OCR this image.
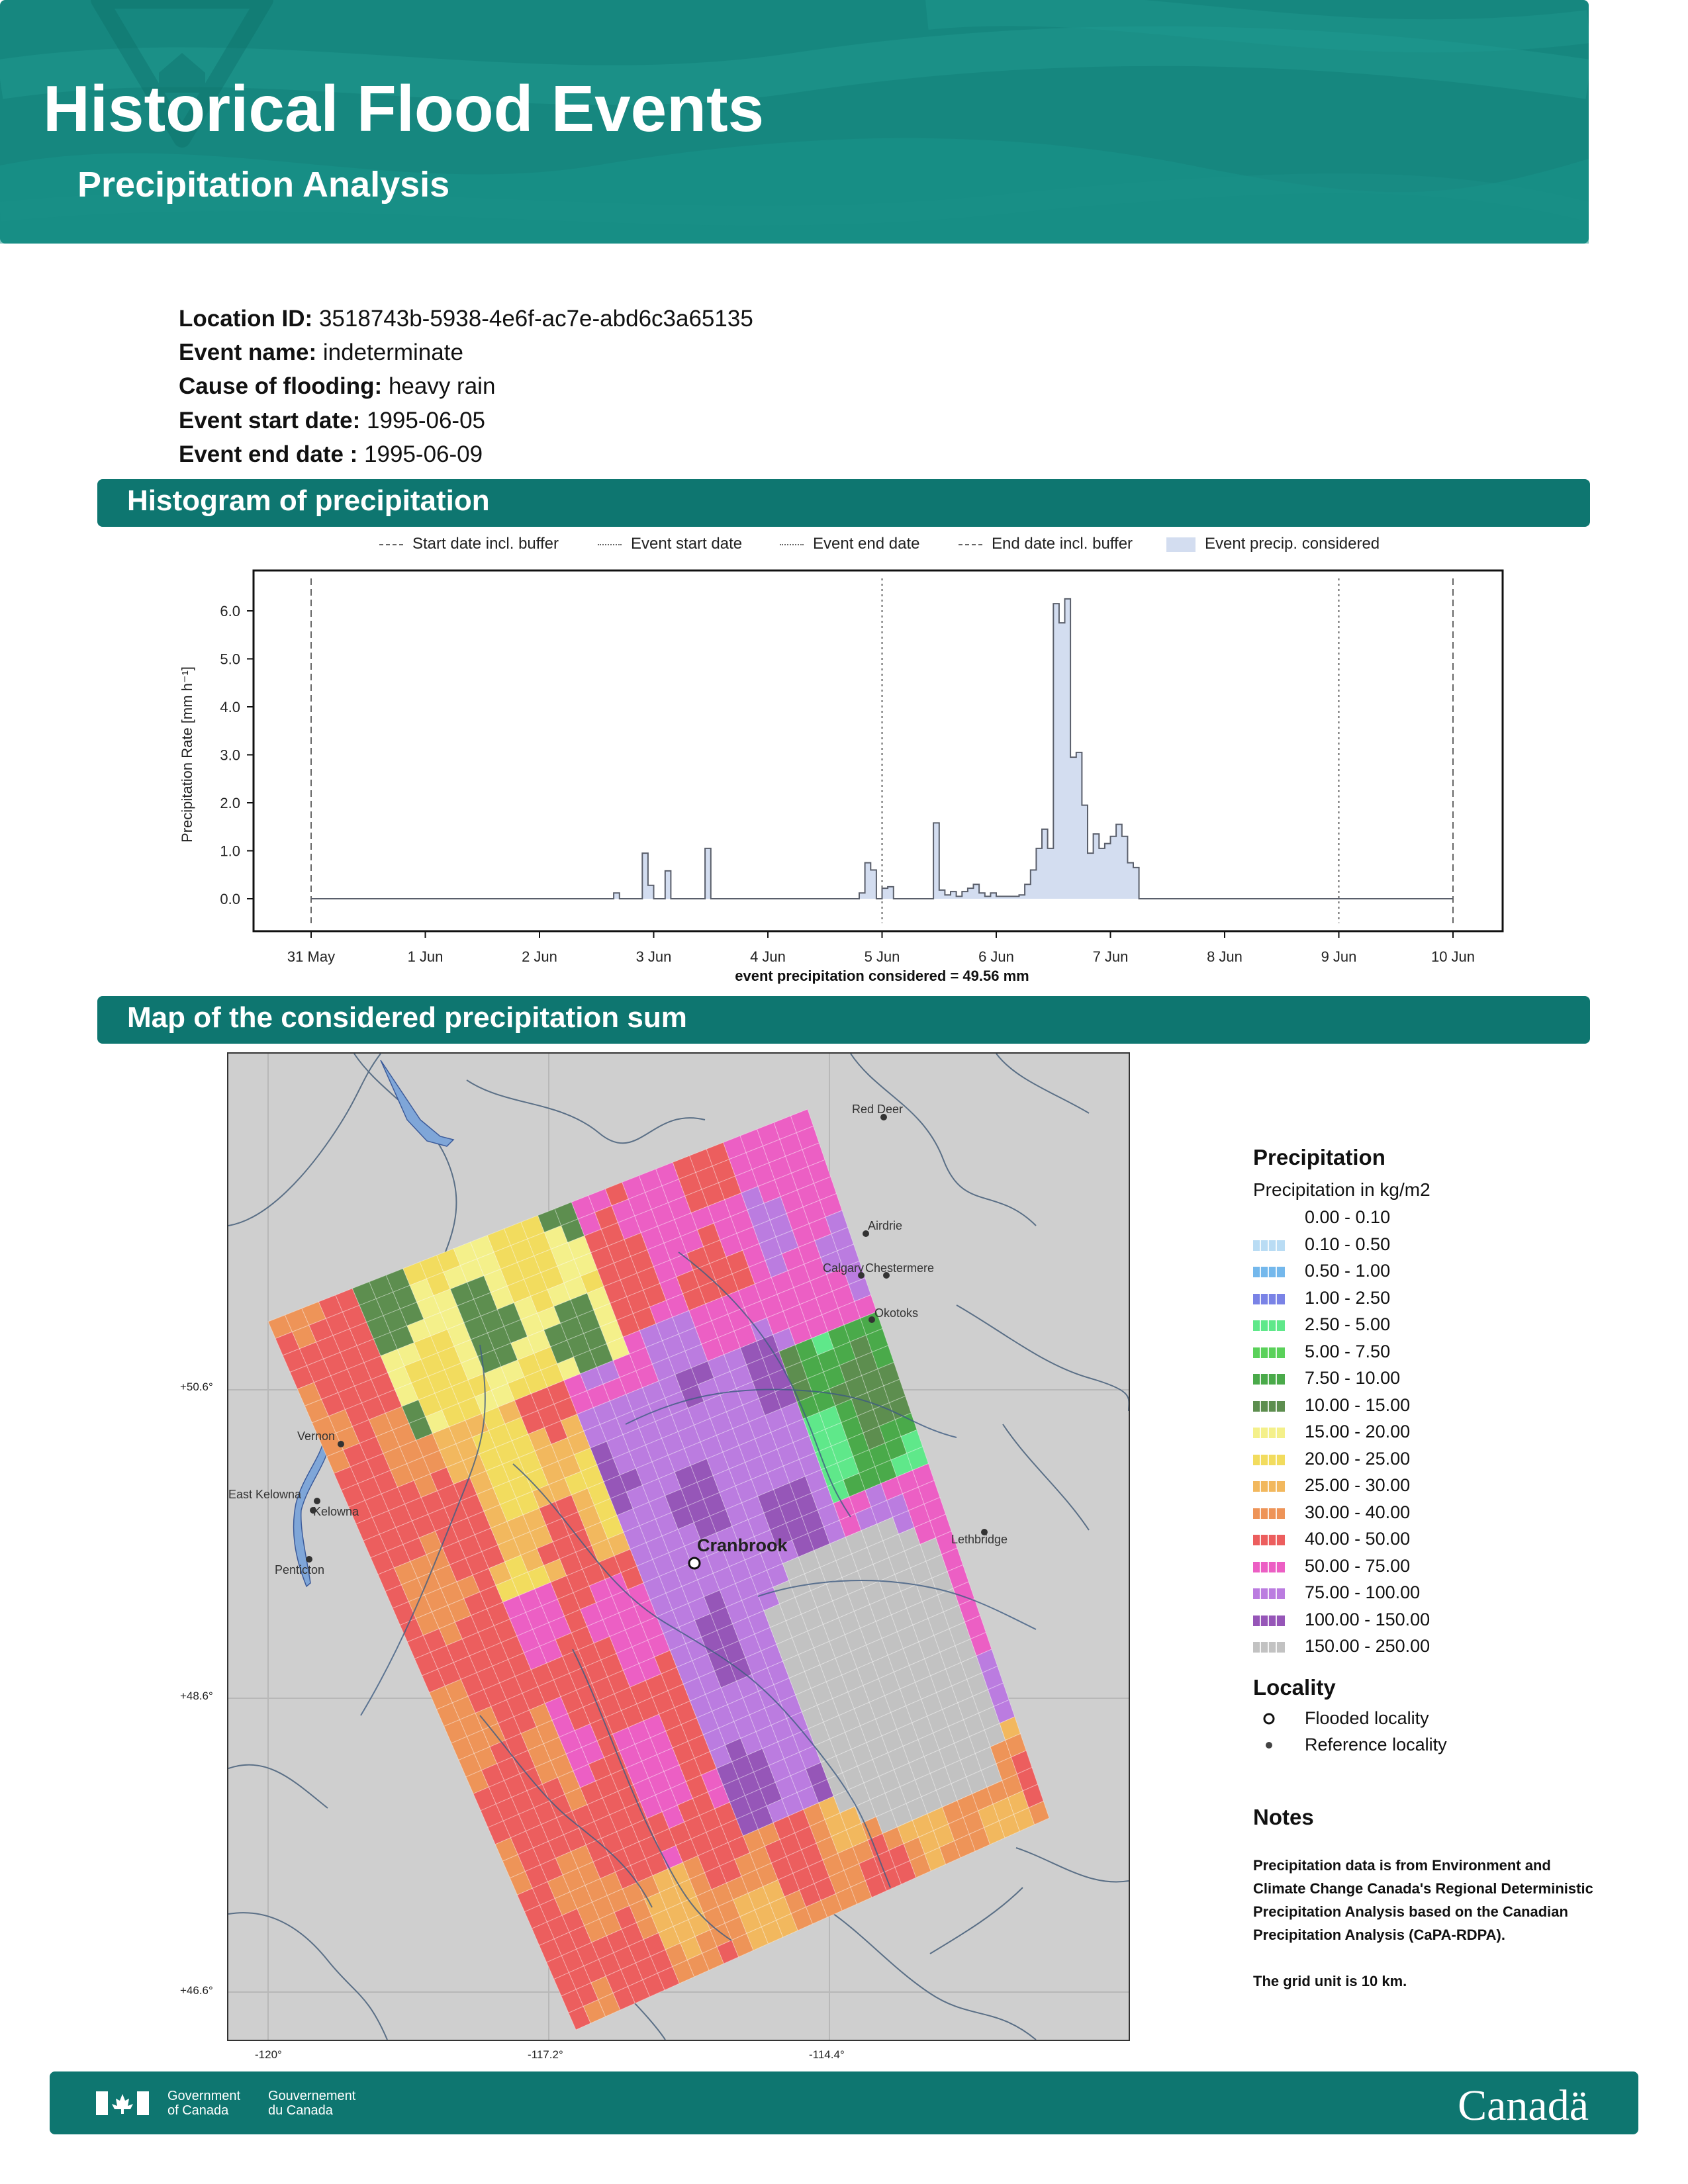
Historical Flood Events
Precipitation Analysis
Location ID: 3518743b-5938-4e6f-ac7e-abd6c3a65135
Event name: indeterminate
Cause of flooding: heavy rain
Event start date: 1995-06-05
Event end date : 1995-06-09
Histogram of precipitation
Start date incl. buffer	Event start date	Event end date	End date incl. buffer	Event precip. considered
0.0
1.0
2.0
3.0
4.0
5.0
6.0
31 May	1 Jun	2 Jun	3 Jun	4 Jun	5 Jun	6 Jun	7 Jun	8 Jun	9 Jun	10 Jun
Precipitation Rate [mm h⁻¹]
event precipitation considered = 49.56 mm
Map of the considered precipitation sum
Red Deer
Airdrie
Calgary Chestermere
Okotoks
Lethbridge
Vernon
East Kelowna
Kelowna
Penticton
Cranbrook
+50.6°
+48.6°
+46.6°
-120°	-117.2°	-114.4°

Precipitation

Precipitation in kg/m2

0.00 - 0.10
0.10 - 0.50
0.50 - 1.00
1.00 - 2.50
2.50 - 5.00
5.00 - 7.50
7.50 - 10.00
10.00 - 15.00
15.00 - 20.00
20.00 - 25.00
25.00 - 30.00
30.00 - 40.00
40.00 - 50.00
50.00 - 75.00
75.00 - 100.00
100.00 - 150.00
150.00 - 250.00

Locality

Flooded locality
Reference locality

Notes

Precipitation data is from Environment and Climate Change Canada's Regional Deterministic Precipitation Analysis based on the Canadian Precipitation Analysis (CaPA-RDPA).

The grid unit is 10 km.

Government
of Canada
Gouvernement
du Canada	Canadä
